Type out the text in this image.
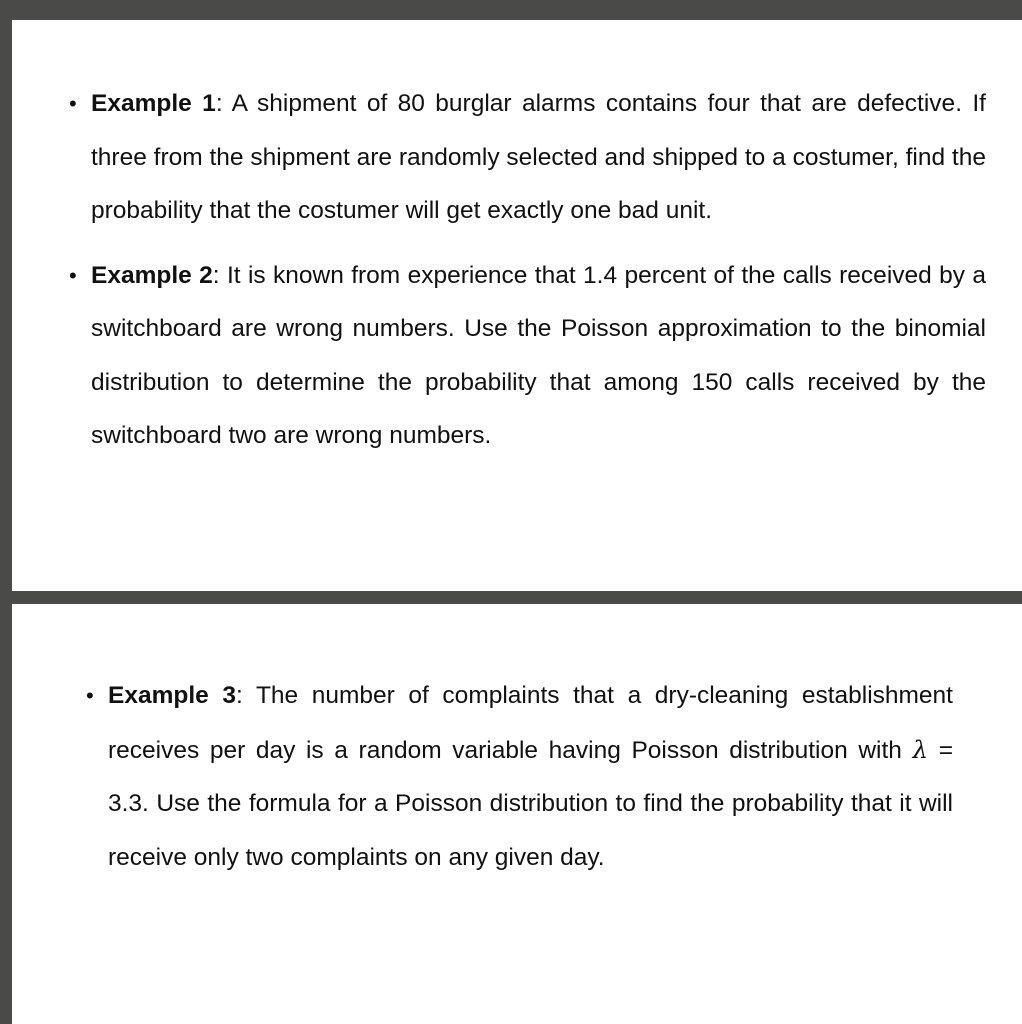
• Example 1: A shipment of 80 burglar alarms contains four that are defective. If three from the shipment are randomly selected and shipped to a costumer, find the probability that the costumer will get exactly one bad unit.
• Example 2: It is known from experience that 1.4 percent of the calls received by a switchboard are wrong numbers. Use the Poisson approximation to the binomial distribution to determine the probability that among 150 calls received by the switchboard two are wrong numbers.
• Example 3: The number of complaints that a dry-cleaning establishment receives per day is a random variable having Poisson distribution with λ = 3.3. Use the formula for a Poisson distribution to find the probability that it will receive only two complaints on any given day.
